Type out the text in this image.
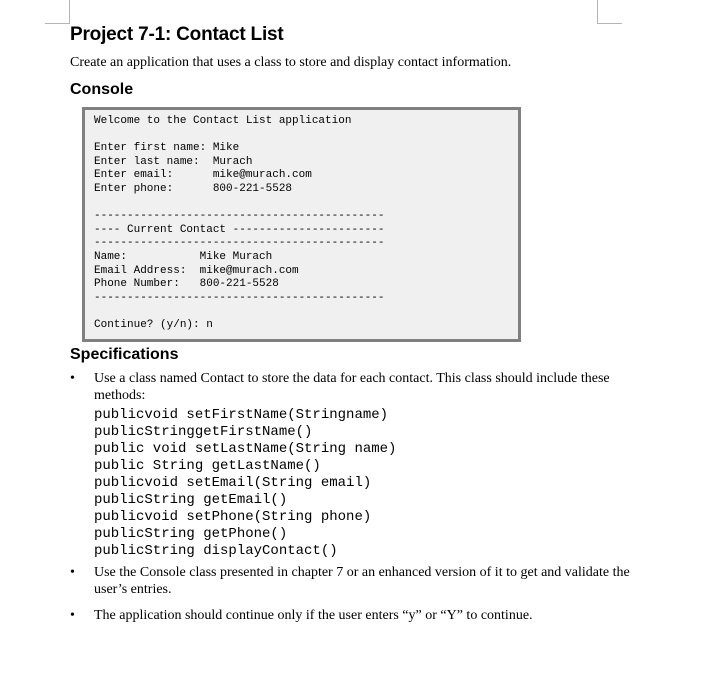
Project 7-1: Contact List

Create an application that uses a class to store and display contact information.

Console
Welcome to the Contact List application
Enter first name: Mike
Enter last name:  Murach
Enter email:      mike@murach.com
Enter phone:      800-221-5528
--------------------------------------------
---- Current Contact -----------------------
--------------------------------------------
Name:           Mike Murach
Email Address:  mike@murach.com
Phone Number:   800-221-5528
--------------------------------------------
Continue? (y/n): n
Specifications
• Use a class named Contact to store the data for each contact. This class should include these methods:
publicvoid setFirstName(Stringname)
publicStringgetFirstName()
public void setLastName(String name)
public String getLastName()
publicvoid setEmail(String email)
publicString getEmail()
publicvoid setPhone(String phone)
publicString getPhone()
publicString displayContact()
• Use the Console class presented in chapter 7 or an enhanced version of it to get and validate the user’s entries.
• The application should continue only if the user enters “y” or “Y” to continue.
